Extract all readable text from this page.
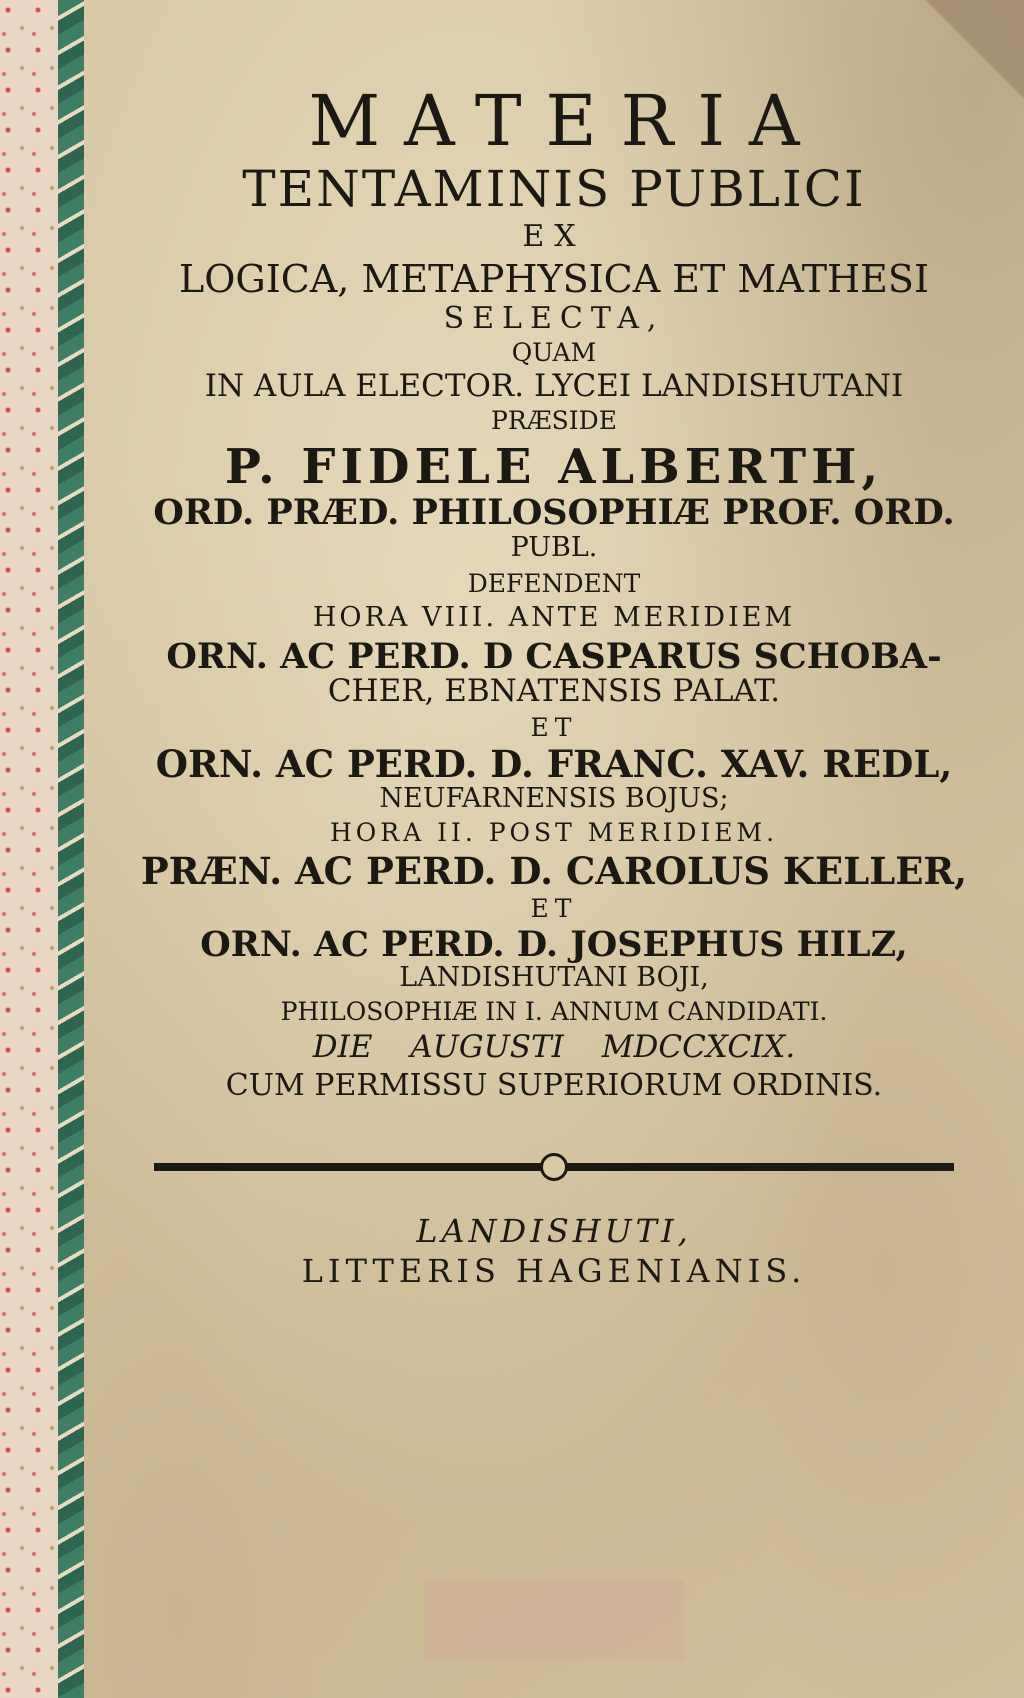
MATERIA
TENTAMINIS PUBLICI
EX
LOGICA, METAPHYSICA ET MATHESI
SELECTA,
QUAM
IN AULA ELECTOR. LYCEI LANDISHUTANI
PRÆSIDE
P. FIDELE ALBERTH,
ORD. PRÆD. PHILOSOPHIÆ PROF. ORD.
PUBL.
DEFENDENT
HORA VIII. ANTE MERIDIEM
ORN. AC PERD. D CASPARUS SCHOBA-
CHER, EBNATENSIS PALAT.
ET
ORN. AC PERD. D. FRANC. XAV. REDL,
NEUFARNENSIS BOJUS;
HORA II. POST MERIDIEM.
PRÆN. AC PERD. D. CAROLUS KELLER,
ET
ORN. AC PERD. D. JOSEPHUS HILZ,
LANDISHUTANI BOJI,
PHILOSOPHIÆ IN I. ANNUM CANDIDATI.
DIE AUGUSTI MDCCXCIX.
CUM PERMISSU SUPERIORUM ORDINIS.
LANDISHUTI,
LITTERIS HAGENIANIS.
